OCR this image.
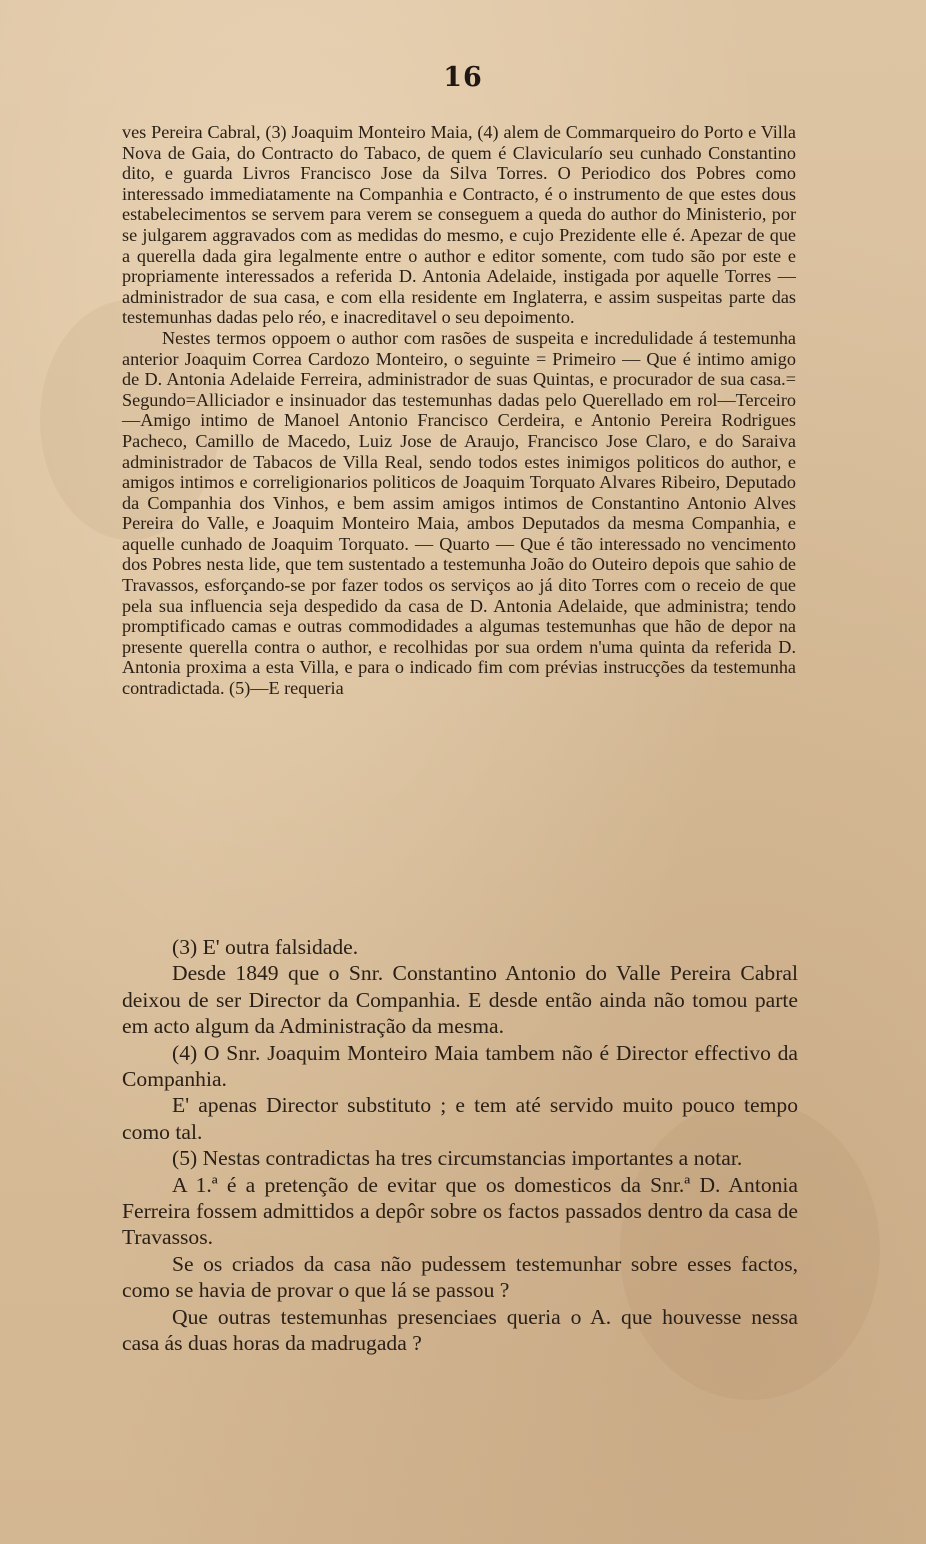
16

ves Pereira Cabral, (3) Joaquim Monteiro Maia, (4) alem de Commarqueiro do Porto e Villa Nova de Gaia, do Contracto do Tabaco, de quem é Clavicularío seu cunhado Constantino dito, e guarda Livros Francisco Jose da Silva Torres. O Periodico dos Pobres como interessado immediatamente na Companhia e Contracto, é o instrumento de que estes dous estabelecimentos se servem para verem se conseguem a queda do author do Ministerio, por se julgarem aggravados com as medidas do mesmo, e cujo Prezidente elle é. Apezar de que a querella dada gira legalmente entre o author e editor somente, com tudo são por este e propriamente interessados a referida D. Antonia Adelaide, instigada por aquelle Torres —administrador de sua casa, e com ella residente em Inglaterra, e assim suspeitas parte das testemunhas dadas pelo réo, e inacreditavel o seu depoimento.

Nestes termos oppoem o author com rasões de suspeita e incredulidade á testemunha anterior Joaquim Correa Cardozo Monteiro, o seguinte = Primeiro — Que é intimo amigo de D. Antonia Adelaide Ferreira, administrador de suas Quintas, e procurador de sua casa.= Segundo=Alliciador e insinuador das testemunhas dadas pelo Querellado em rol—Terceiro—Amigo intimo de Manoel Antonio Francisco Cerdeira, e Antonio Pereira Rodrigues Pacheco, Camillo de Macedo, Luiz Jose de Araujo, Francisco Jose Claro, e do Saraiva administrador de Tabacos de Villa Real, sendo todos estes inimigos politicos do author, e amigos intimos e correligionarios politicos de Joaquim Torquato Alvares Ribeiro, Deputado da Companhia dos Vinhos, e bem assim amigos intimos de Constantino Antonio Alves Pereira do Valle, e Joaquim Monteiro Maia, ambos Deputados da mesma Companhia, e aquelle cunhado de Joaquim Torquato. — Quarto — Que é tão interessado no vencimento dos Pobres nesta lide, que tem sustentado a testemunha João do Outeiro depois que sahio de Travassos, esforçando-se por fazer todos os serviços ao já dito Torres com o receio de que pela sua influencia seja despedido da casa de D. Antonia Adelaide, que administra; tendo promptificado camas e outras commodidades a algumas testemunhas que hão de depor na presente querella contra o author, e recolhidas por sua ordem n'uma quinta da referida D. Antonia proxima a esta Villa, e para o indicado fim com prévias instrucções da testemunha contradictada. (5)—E requeria

(3) E' outra falsidade.

Desde 1849 que o Snr. Constantino Antonio do Valle Pereira Cabral deixou de ser Director da Companhia. E desde então ainda não tomou parte em acto algum da Administração da mesma.

(4) O Snr. Joaquim Monteiro Maia tambem não é Director effectivo da Companhia.

E' apenas Director substituto ; e tem até servido muito pouco tempo como tal.

(5) Nestas contradictas ha tres circumstancias importantes a notar.

A 1.ª é a pretenção de evitar que os domesticos da Snr.ª D. Antonia Ferreira fossem admittidos a depôr sobre os factos passados dentro da casa de Travassos.

Se os criados da casa não pudessem testemunhar sobre esses factos, como se havia de provar o que lá se passou ?

Que outras testemunhas presenciaes queria o A. que houvesse nessa casa ás duas horas da madrugada ?
